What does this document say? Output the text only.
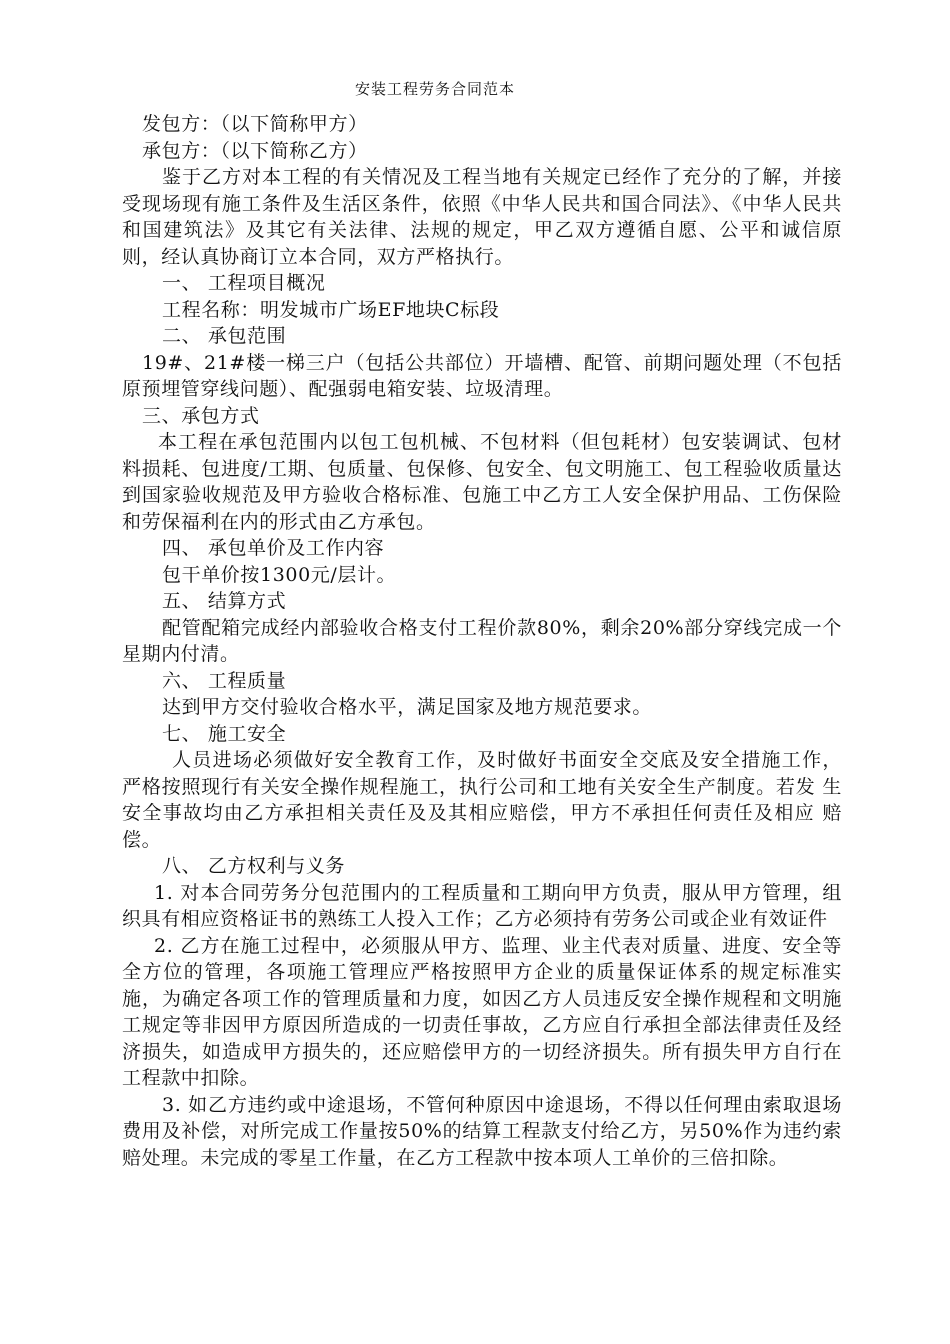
安装工程劳务合同范本

发包方：（以下简称甲方）

承包方：（以下简称乙方）

鉴于乙方对本工程的有关情况及工程当地有关规定已经作了充分的了解，并接受现场现有施工条件及生活区条件，依照《中华人民共和国合同法》、《中华人民共和国建筑法》及其它有关法律、法规的规定，甲乙双方遵循自愿、公平和诚信原则，经认真协商订立本合同，双方严格执行。

一、 工程项目概况

工程名称：明发城市广场EF地块C标段

二、 承包范围

19#、21#楼一梯三户（包括公共部位）开墙槽、配管、前期问题处理（不包括原预埋管穿线问题）、配强弱电箱安装、垃圾清理。

三、承包方式

本工程在承包范围内以包工包机械、不包材料（但包耗材）包安装调试、包材料损耗、包进度/工期、包质量、包保修、包安全、包文明施工、包工程验收质量达到国家验收规范及甲方验收合格标准、包施工中乙方工人安全保护用品、工伤保险和劳保福利在内的形式由乙方承包。

四、 承包单价及工作内容

包干单价按1300元/层计。

五、 结算方式

配管配箱完成经内部验收合格支付工程价款80%，剩余20%部分穿线完成一个星期内付清。

六、 工程质量

达到甲方交付验收合格水平，满足国家及地方规范要求。

七、 施工安全

人员进场必须做好安全教育工作，及时做好书面安全交底及安全措施工作， 严格按照现行有关安全操作规程施工，执行公司和工地有关安全生产制度。若发 生安全事故均由乙方承担相关责任及及其相应赔偿，甲方不承担任何责任及相应 赔偿。

八、 乙方权利与义务

1. 对本合同劳务分包范围内的工程质量和工期向甲方负责，服从甲方管理，组织具有相应资格证书的熟练工人投入工作；乙方必须持有劳务公司或企业有效证件

2. 乙方在施工过程中，必须服从甲方、监理、业主代表对质量、进度、安全等全方位的管理，各项施工管理应严格按照甲方企业的质量保证体系的规定标准实施，为确定各项工作的管理质量和力度，如因乙方人员违反安全操作规程和文明施工规定等非因甲方原因所造成的一切责任事故，乙方应自行承担全部法律责任及经济损失，如造成甲方损失的，还应赔偿甲方的一切经济损失。所有损失甲方自行在工程款中扣除。

3. 如乙方违约或中途退场，不管何种原因中途退场，不得以任何理由索取退场费用及补偿，对所完成工作量按50%的结算工程款支付给乙方，另50%作为违约索赔处理。未完成的零星工作量，在乙方工程款中按本项人工单价的三倍扣除。
